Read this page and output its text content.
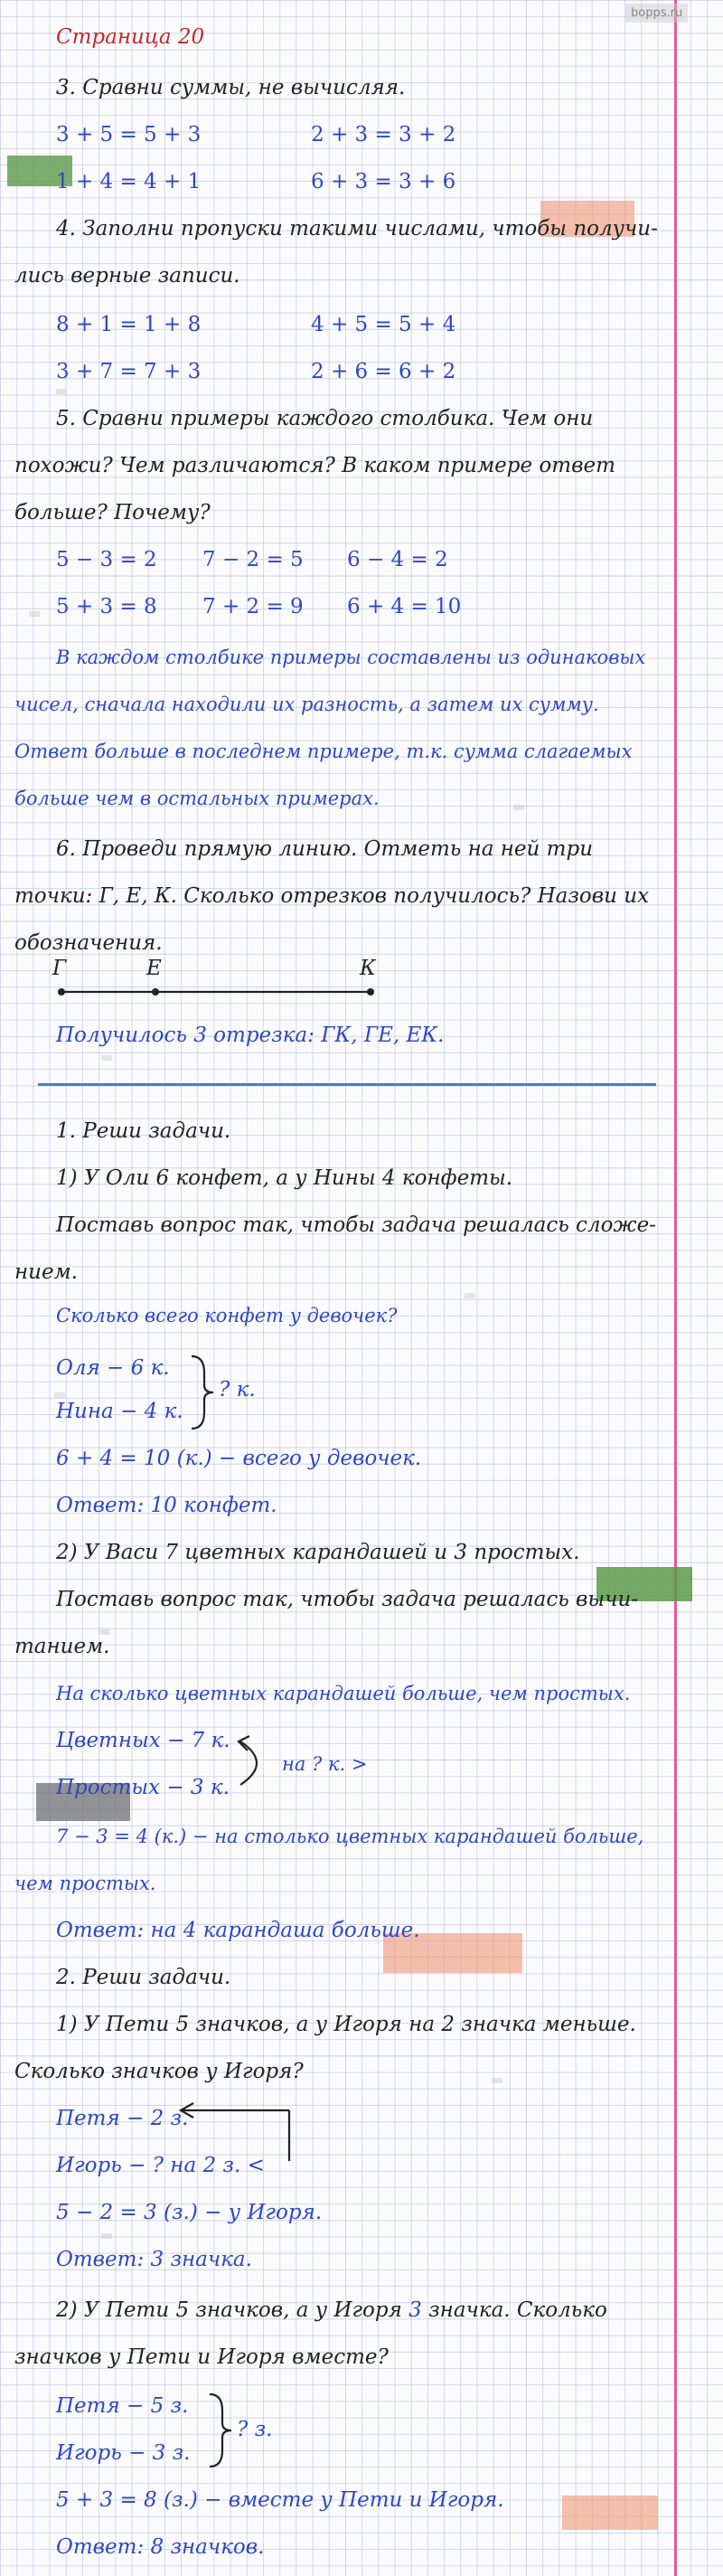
bopps.ru
Страница 20
3. Сравни суммы, не вычисляя.
3 + 5 = 5 + 3	2 + 3 = 3 + 2
1 + 4 = 4 + 1	6 + 3 = 3 + 6
4. Заполни пропуски такими числами, чтобы получи-
лись верные записи.
8 + 1 = 1 + 8	4 + 5 = 5 + 4
3 + 7 = 7 + 3	2 + 6 = 6 + 2
5. Сравни примеры каждого столбика. Чем они
похожи? Чем различаются? В каком примере ответ
больше? Почему?
5 − 3 = 2 7 − 2 = 5 6 − 4 = 2
5 + 3 = 8 7 + 2 = 9 6 + 4 = 10
В каждом столбике примеры составлены из одинаковых
чисел, сначала находили их разность, а затем их сумму.
Ответ больше в последнем примере, т.к. сумма слагаемых
больше чем в остальных примерах.
6. Проведи прямую линию. Отметь на ней три
точки: Г, Е, К. Сколько отрезков получилось? Назови их
обозначения.
Г	Е	К
Получилось 3 отрезка: ГК, ГЕ, ЕК.
1. Реши задачи.
1) У Оли 6 конфет, а у Нины 4 конфеты.
Поставь вопрос так, чтобы задача решалась сложе-
нием.
Сколько всего конфет у девочек?
Оля − 6 к.
Нина − 4 к.
? к.
6 + 4 = 10 (к.) − всего у девочек.
Ответ: 10 конфет.
2) У Васи 7 цветных карандашей и 3 простых.
Поставь вопрос так, чтобы задача решалась вычи-
танием.
На сколько цветных карандашей больше, чем простых.
Цветных − 7 к.
Простых − 3 к.
на ? к. >
7 − 3 = 4 (к.) − на столько цветных карандашей больше,
чем простых.
Ответ: на 4 карандаша больше.
2. Реши задачи.
1) У Пети 5 значков, а у Игоря на 2 значка меньше.
Сколько значков у Игоря?
Петя − 2 з.
Игорь − ? на 2 з. <
5 − 2 = 3 (з.) − у Игоря.
Ответ: 3 значка.
2) У Пети 5 значков, а у Игоря 3 значка. Сколько
значков у Пети и Игоря вместе?
Петя − 5 з.
Игорь − 3 з.
? з.
5 + 3 = 8 (з.) − вместе у Пети и Игоря.
Ответ: 8 значков.
